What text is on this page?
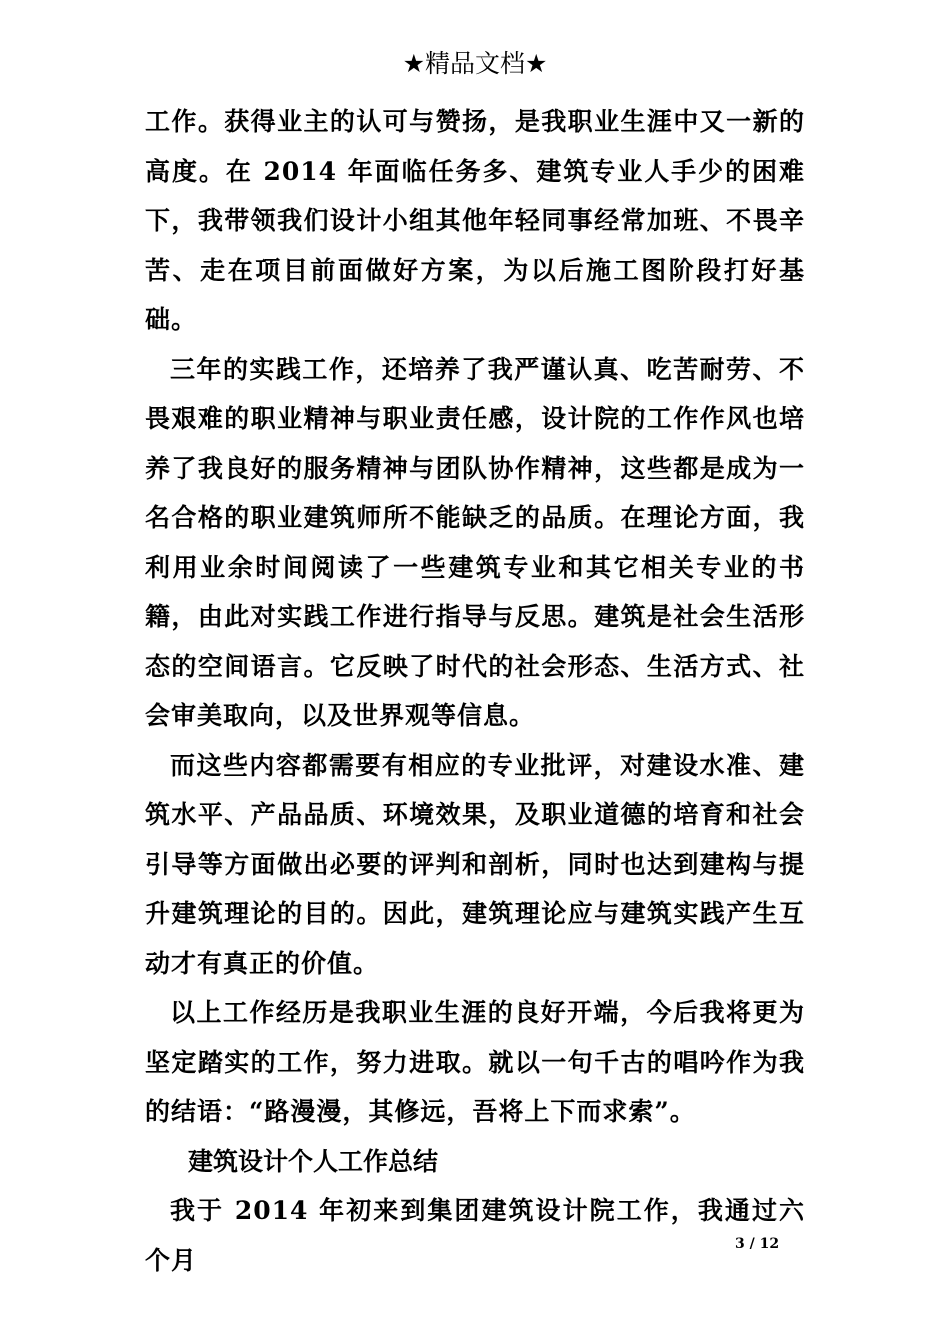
★精品文档★

工作。获得业主的认可与赞扬，是我职业生涯中又一新的高度。在 2014 年面临任务多、建筑专业人手少的困难下，我带领我们设计小组其他年轻同事经常加班、不畏辛苦、走在项目前面做好方案，为以后施工图阶段打好基础。

三年的实践工作，还培养了我严谨认真、吃苦耐劳、不畏艰难的职业精神与职业责任感，设计院的工作作风也培养了我良好的服务精神与团队协作精神，这些都是成为一名合格的职业建筑师所不能缺乏的品质。在理论方面，我利用业余时间阅读了一些建筑专业和其它相关专业的书籍，由此对实践工作进行指导与反思。建筑是社会生活形态的空间语言。它反映了时代的社会形态、生活方式、社会审美取向，以及世界观等信息。

而这些内容都需要有相应的专业批评，对建设水准、建筑水平、产品品质、环境效果，及职业道德的培育和社会引导等方面做出必要的评判和剖析，同时也达到建构与提升建筑理论的目的。因此，建筑理论应与建筑实践产生互动才有真正的价值。

以上工作经历是我职业生涯的良好开端，今后我将更为坚定踏实的工作，努力进取。就以一句千古的唱吟作为我的结语：“路漫漫，其修远，吾将上下而求索”。

建筑设计个人工作总结

我于 2014 年初来到集团建筑设计院工作，我通过六个月

3 / 12
